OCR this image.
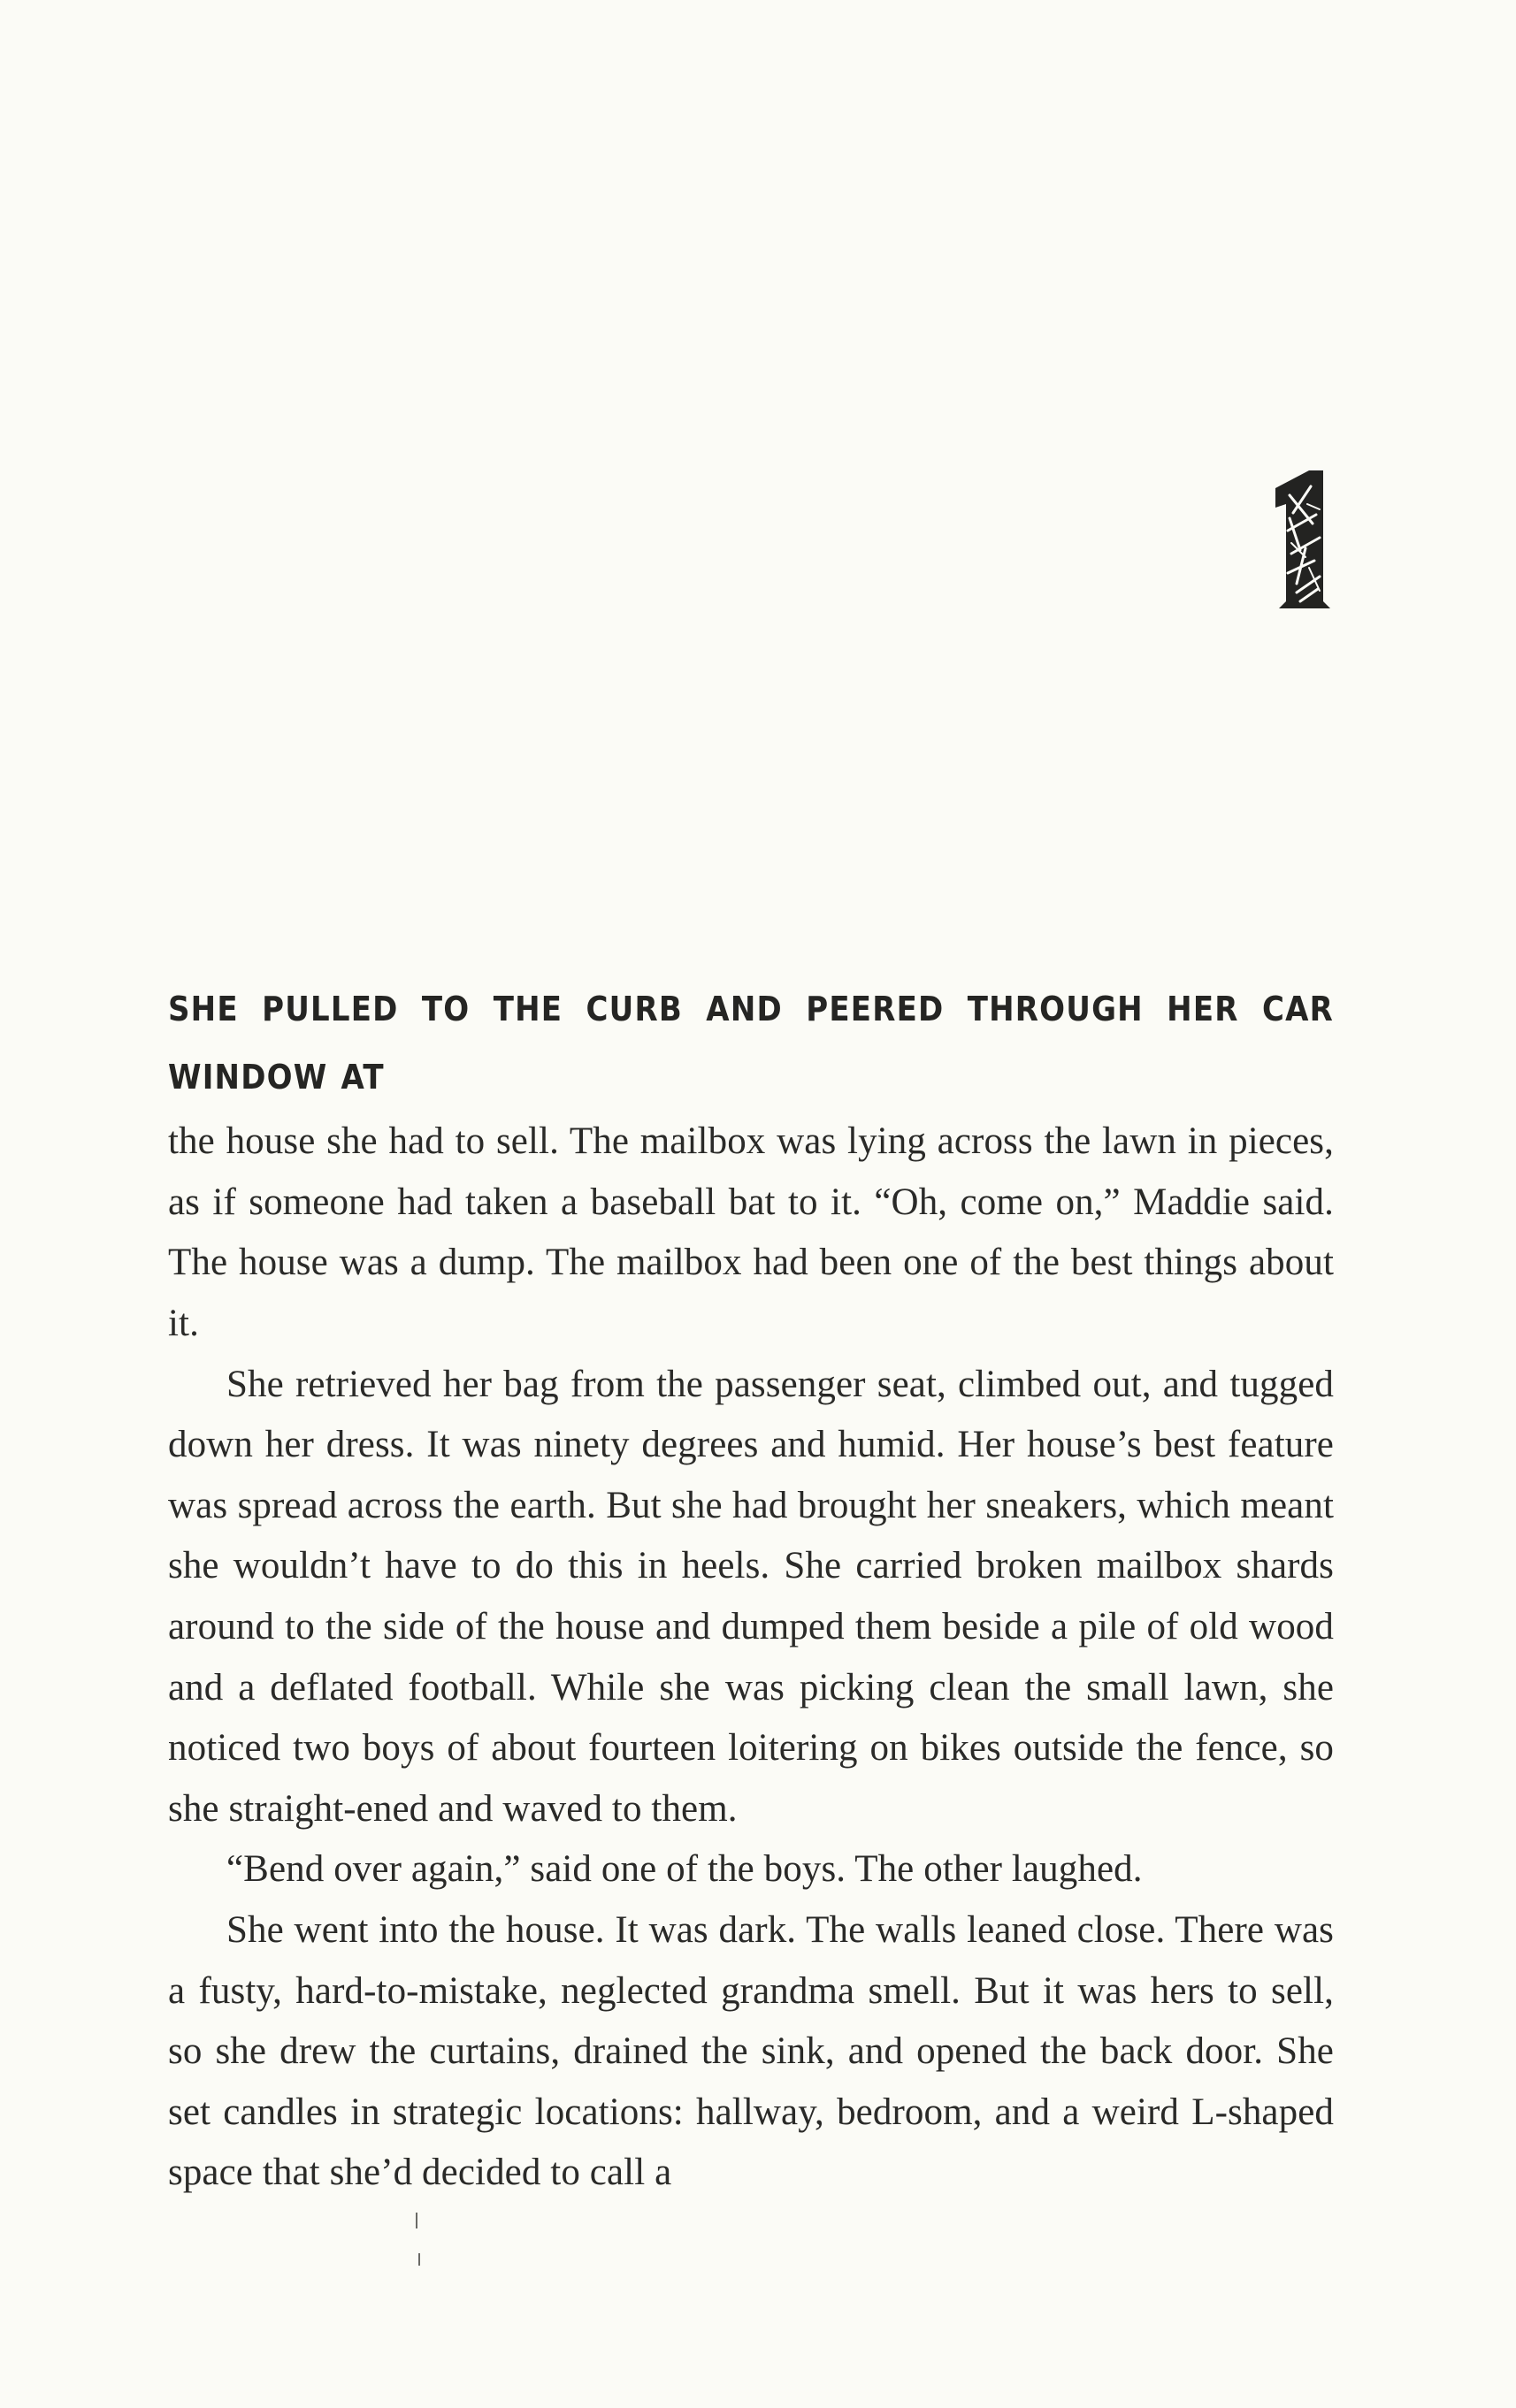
SHE PULLED TO THE CURB AND PEERED THROUGH HER CAR WINDOW AT the house she had to sell. The mailbox was lying across the lawn in pieces, as if someone had taken a baseball bat to it. “Oh, come on,” Maddie said. The house was a dump. The mailbox had been one of the best things about it.

She retrieved her bag from the passenger seat, climbed out, and tugged down her dress. It was ninety degrees and humid. Her house’s best feature was spread across the earth. But she had brought her sneakers, which meant she wouldn’t have to do this in heels. She carried broken mailbox shards around to the side of the house and dumped them beside a pile of old wood and a deflated football. While she was picking clean the small lawn, she noticed two boys of about fourteen loitering on bikes outside the fence, so she straight-ened and waved to them.

“Bend over again,” said one of the boys. The other laughed.

She went into the house. It was dark. The walls leaned close. There was a fusty, hard-to-mistake, neglected grandma smell. But it was hers to sell, so she drew the curtains, drained the sink, and opened the back door. She set candles in strategic locations: hallway, bedroom, and a weird L-shaped space that she’d decided to call a
